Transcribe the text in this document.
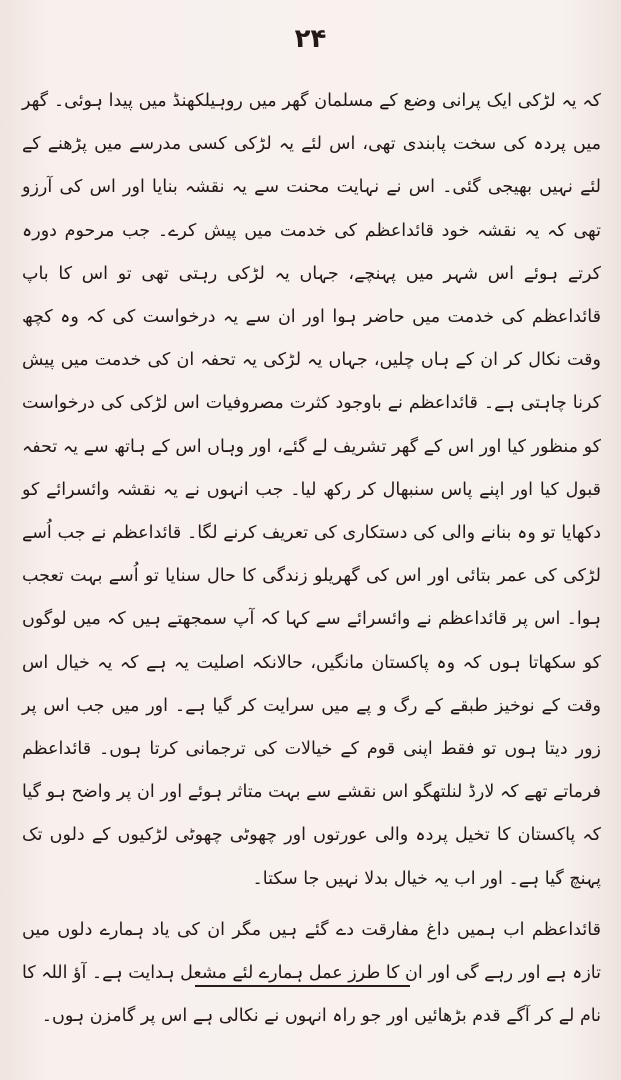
۲۴

کہ یہ لڑکی ایک پرانی وضع کے مسلمان گھر میں روہیلکھنڈ میں پیدا ہوئی۔ گھر میں پردہ کی سخت پابندی تھی، اس لئے یہ لڑکی کسی مدرسے میں پڑھنے کے لئے نہیں بھیجی گئی۔ اس نے نہایت محنت سے یہ نقشہ بنایا اور اس کی آرزو تھی کہ یہ نقشہ خود قائداعظم کی خدمت میں پیش کرے۔ جب مرحوم دورہ کرتے ہوئے اس شہر میں پہنچے، جہاں یہ لڑکی رہتی تھی تو اس کا باپ قائداعظم کی خدمت میں حاضر ہوا اور ان سے یہ درخواست کی کہ وہ کچھ وقت نکال کر ان کے ہاں چلیں، جہاں یہ لڑکی یہ تحفہ ان کی خدمت میں پیش کرنا چاہتی ہے۔ قائداعظم نے باوجود کثرت مصروفیات اس لڑکی کی درخواست کو منظور کیا اور اس کے گھر تشریف لے گئے، اور وہاں اس کے ہاتھ سے یہ تحفہ قبول کیا اور اپنے پاس سنبھال کر رکھ لیا۔ جب انہوں نے یہ نقشہ وائسرائے کو دکھایا تو وہ بنانے والی کی دستکاری کی تعریف کرنے لگا۔ قائداعظم نے جب اُسے لڑکی کی عمر بتائی اور اس کی گھریلو زندگی کا حال سنایا تو اُسے بہت تعجب ہوا۔ اس پر قائداعظم نے وائسرائے سے کہا کہ آپ سمجھتے ہیں کہ میں لوگوں کو سکھاتا ہوں کہ وہ پاکستان مانگیں، حالانکہ اصلیت یہ ہے کہ یہ خیال اس وقت کے نوخیز طبقے کے رگ و پے میں سرایت کر گیا ہے۔ اور میں جب اس پر زور دیتا ہوں تو فقط اپنی قوم کے خیالات کی ترجمانی کرتا ہوں۔ قائداعظم فرماتے تھے کہ لارڈ لنلتھگو اس نقشے سے بہت متاثر ہوئے اور ان پر واضح ہو گیا کہ پاکستان کا تخیل پردہ والی عورتوں اور چھوٹی چھوٹی لڑکیوں کے دلوں تک پہنچ گیا ہے۔ اور اب یہ خیال بدلا نہیں جا سکتا۔

قائداعظم اب ہمیں داغ مفارقت دے گئے ہیں مگر ان کی یاد ہمارے دلوں میں تازہ ہے اور رہے گی اور ان کا طرز عمل ہمارے لئے مشعل ہدایت ہے۔ آؤ اللہ کا نام لے کر آگے قدم بڑھائیں اور جو راہ انہوں نے نکالی ہے اس پر گامزن ہوں۔
